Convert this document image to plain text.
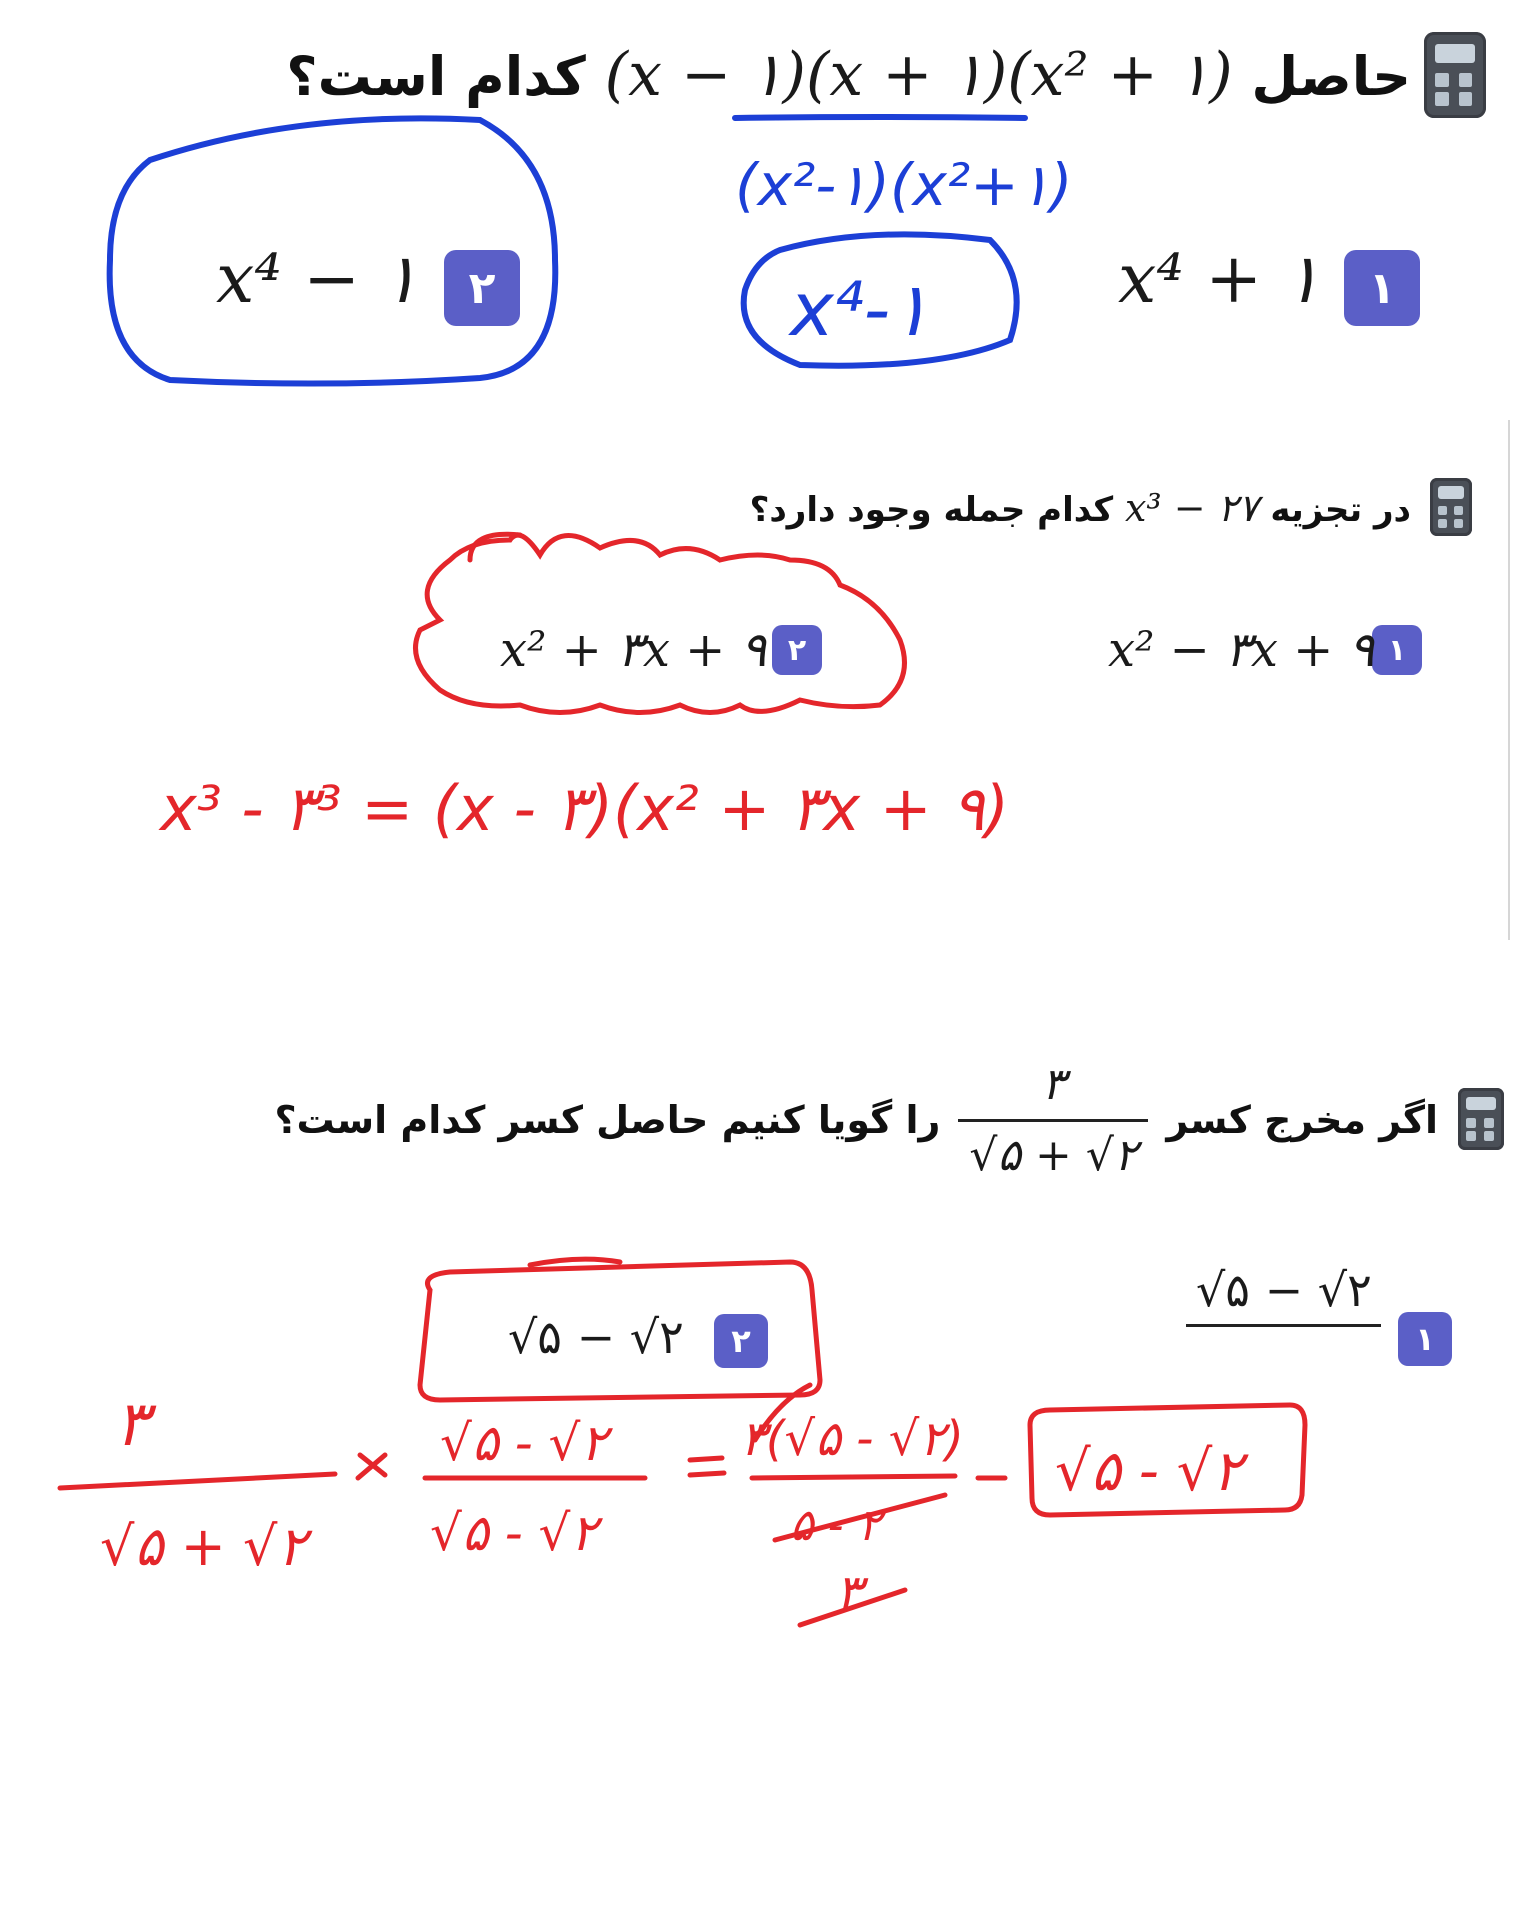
حاصل (x − ۱)(x + ۱)(x² + ۱) کدام است؟
۱
x⁴ + ۱
۲
x⁴ − ۱
(x²-۱)(x²+۱)
x⁴-۱
در تجزیه x³ − ۲۷ کدام جمله وجود دارد؟
۱
x² − ۳x + ۹
۲
x² + ۳x + ۹
x³ - ۳³ = (x - ۳)(x² + ۳x + ۹)
اگر مخرج کسر
$\frac{۳}{√۵ + √۲}$
را گویا کنیم حاصل کسر کدام است؟
۱
$\frac{√۵ - √۲}{۳}$
۲
√۵ − √۲
۳
√۵ + √۲
√۵ - √۲
√۵ - √۲
۳(√۵ - √۲)
۵ - ۲
۳
√۵ - √۲
